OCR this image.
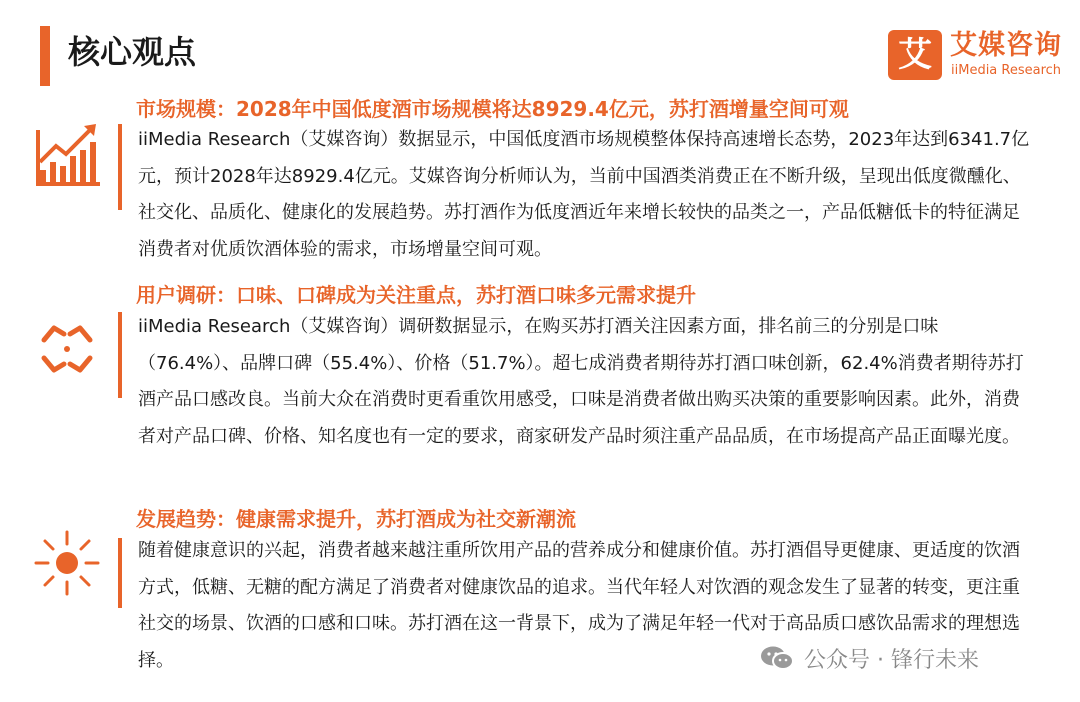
核心观点	艾 艾媒咨询
iiMedia Research
市场规模：2028年中国低度酒市场规模将达8929.4亿元，苏打酒增量空间可观
iiMedia Research（艾媒咨询）数据显示，中国低度酒市场规模整体保持高速增长态势，2023年达到6341.7亿元，预计2028年达8929.4亿元。艾媒咨询分析师认为，当前中国酒类消费正在不断升级，呈现出低度微醺化、社交化、品质化、健康化的发展趋势。苏打酒作为低度酒近年来增长较快的品类之一，产品低糖低卡的特征满足消费者对优质饮酒体验的需求，市场增量空间可观。
用户调研：口味、口碑成为关注重点，苏打酒口味多元需求提升
iiMedia Research（艾媒咨询）调研数据显示，在购买苏打酒关注因素方面，排名前三的分别是口味（76.4%）、品牌口碑（55.4%）、价格（51.7%）。超七成消费者期待苏打酒口味创新，62.4%消费者期待苏打酒产品口感改良。当前大众在消费时更看重饮用感受，口味是消费者做出购买决策的重要影响因素。此外，消费者对产品口碑、价格、知名度也有一定的要求，商家研发产品时须注重产品品质，在市场提高产品正面曝光度。
发展趋势：健康需求提升，苏打酒成为社交新潮流
随着健康意识的兴起，消费者越来越注重所饮用产品的营养成分和健康价值。苏打酒倡导更健康、更适度的饮酒方式，低糖、无糖的配方满足了消费者对健康饮品的追求。当代年轻人对饮酒的观念发生了显著的转变，更注重社交的场景、饮酒的口感和口味。苏打酒在这一背景下，成为了满足年轻一代对于高品质口感饮品需求的理想选择。	公众号 · 锋行未来
